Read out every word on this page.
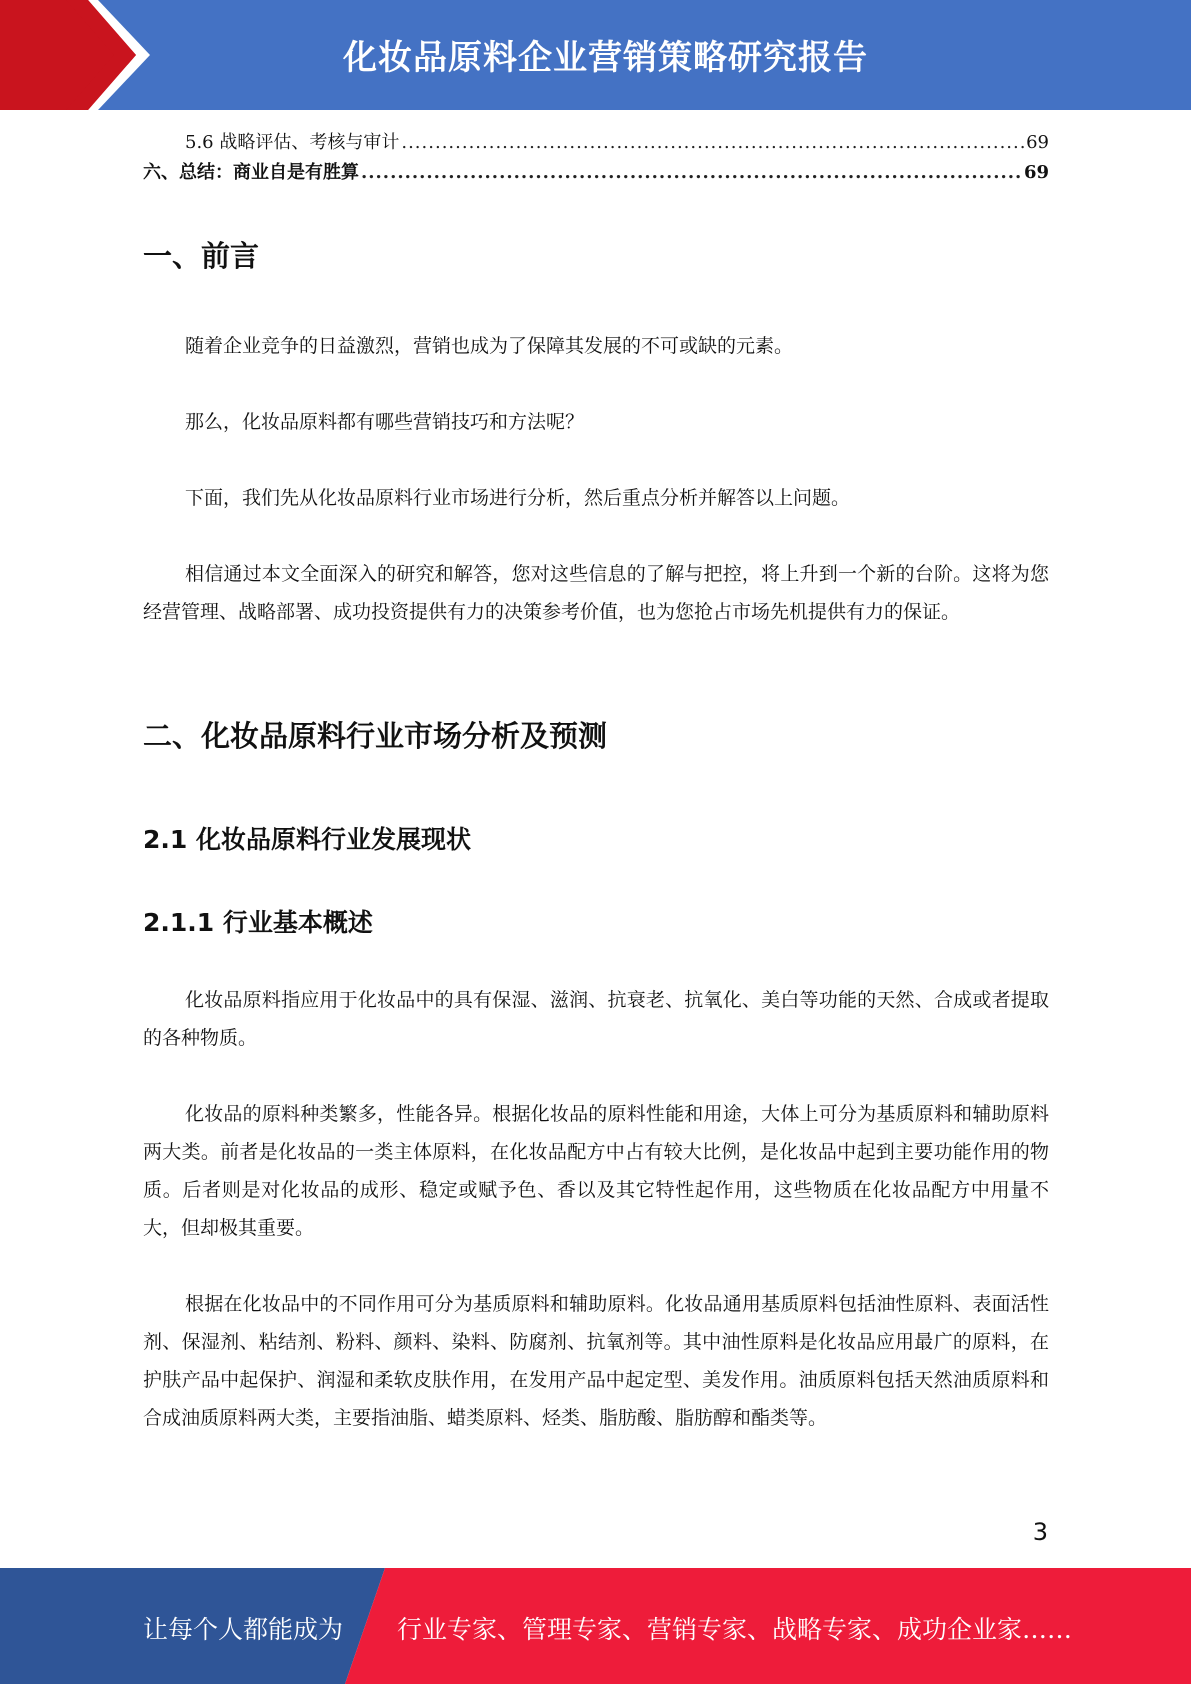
化妆品原料企业营销策略研究报告
5.6 战略评估、考核与审计 .....	69
六、总结：商业自是有胜算 .....	69
一、前言
随着企业竞争的日益激烈，营销也成为了保障其发展的不可或缺的元素。
那么，化妆品原料都有哪些营销技巧和方法呢？
下面，我们先从化妆品原料行业市场进行分析，然后重点分析并解答以上问题。
相信通过本文全面深入的研究和解答，您对这些信息的了解与把控，将上升到一个新的台阶。这将为您经营管理、战略部署、成功投资提供有力的决策参考价值，也为您抢占市场先机提供有力的保证。
二、化妆品原料行业市场分析及预测
2.1 化妆品原料行业发展现状
2.1.1 行业基本概述
化妆品原料指应用于化妆品中的具有保湿、滋润、抗衰老、抗氧化、美白等功能的天然、合成或者提取的各种物质。
化妆品的原料种类繁多，性能各异。根据化妆品的原料性能和用途，大体上可分为基质原料和辅助原料两大类。前者是化妆品的一类主体原料，在化妆品配方中占有较大比例，是化妆品中起到主要功能作用的物质。后者则是对化妆品的成形、稳定或赋予色、香以及其它特性起作用，这些物质在化妆品配方中用量不大，但却极其重要。
根据在化妆品中的不同作用可分为基质原料和辅助原料。化妆品通用基质原料包括油性原料、表面活性剂、保湿剂、粘结剂、粉料、颜料、染料、防腐剂、抗氧剂等。其中油性原料是化妆品应用最广的原料，在护肤产品中起保护、润湿和柔软皮肤作用，在发用产品中起定型、美发作用。油质原料包括天然油质原料和合成油质原料两大类，主要指油脂、蜡类原料、烃类、脂肪酸、脂肪醇和酯类等。
3
让每个人都能成为 行业专家、管理专家、营销专家、战略专家、成功企业家……
